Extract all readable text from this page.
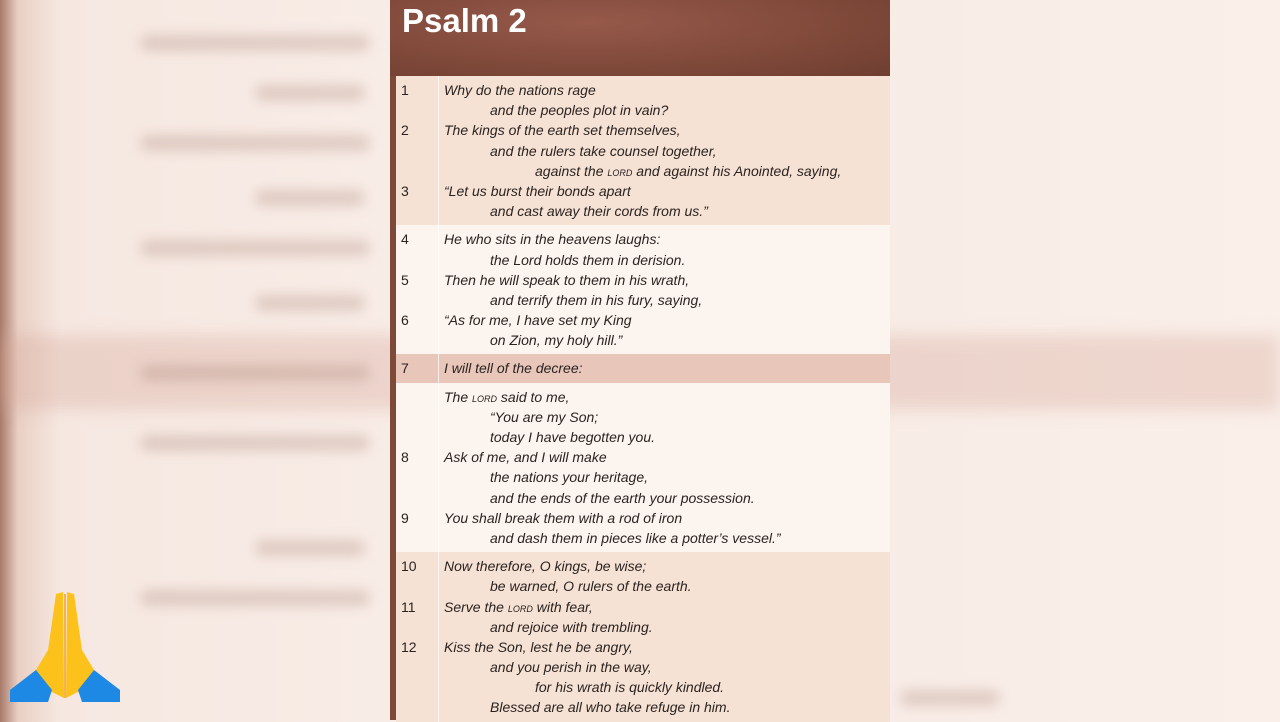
Psalm 2
1	Why do the nations rage
and the peoples plot in vain?
2	The kings of the earth set themselves,
and the rulers take counsel together,
against the lord and against his Anointed, saying,
3	“Let us burst their bonds apart
and cast away their cords from us.”
4	He who sits in the heavens laughs:
the Lord holds them in derision.
5	Then he will speak to them in his wrath,
and terrify them in his fury, saying,
6	“As for me, I have set my King
on Zion, my holy hill.”
7	I will tell of the decree:
The lord said to me,
“You are my Son;
today I have begotten you.
8	Ask of me, and I will make
the nations your heritage,
and the ends of the earth your possession.
9	You shall break them with a rod of iron
and dash them in pieces like a potter’s vessel.”
10 Now therefore, O kings, be wise;
be warned, O rulers of the earth.
11 Serve the lord with fear,
and rejoice with trembling.
12 Kiss the Son, lest he be angry,
and you perish in the way,
for his wrath is quickly kindled.
Blessed are all who take refuge in him.
